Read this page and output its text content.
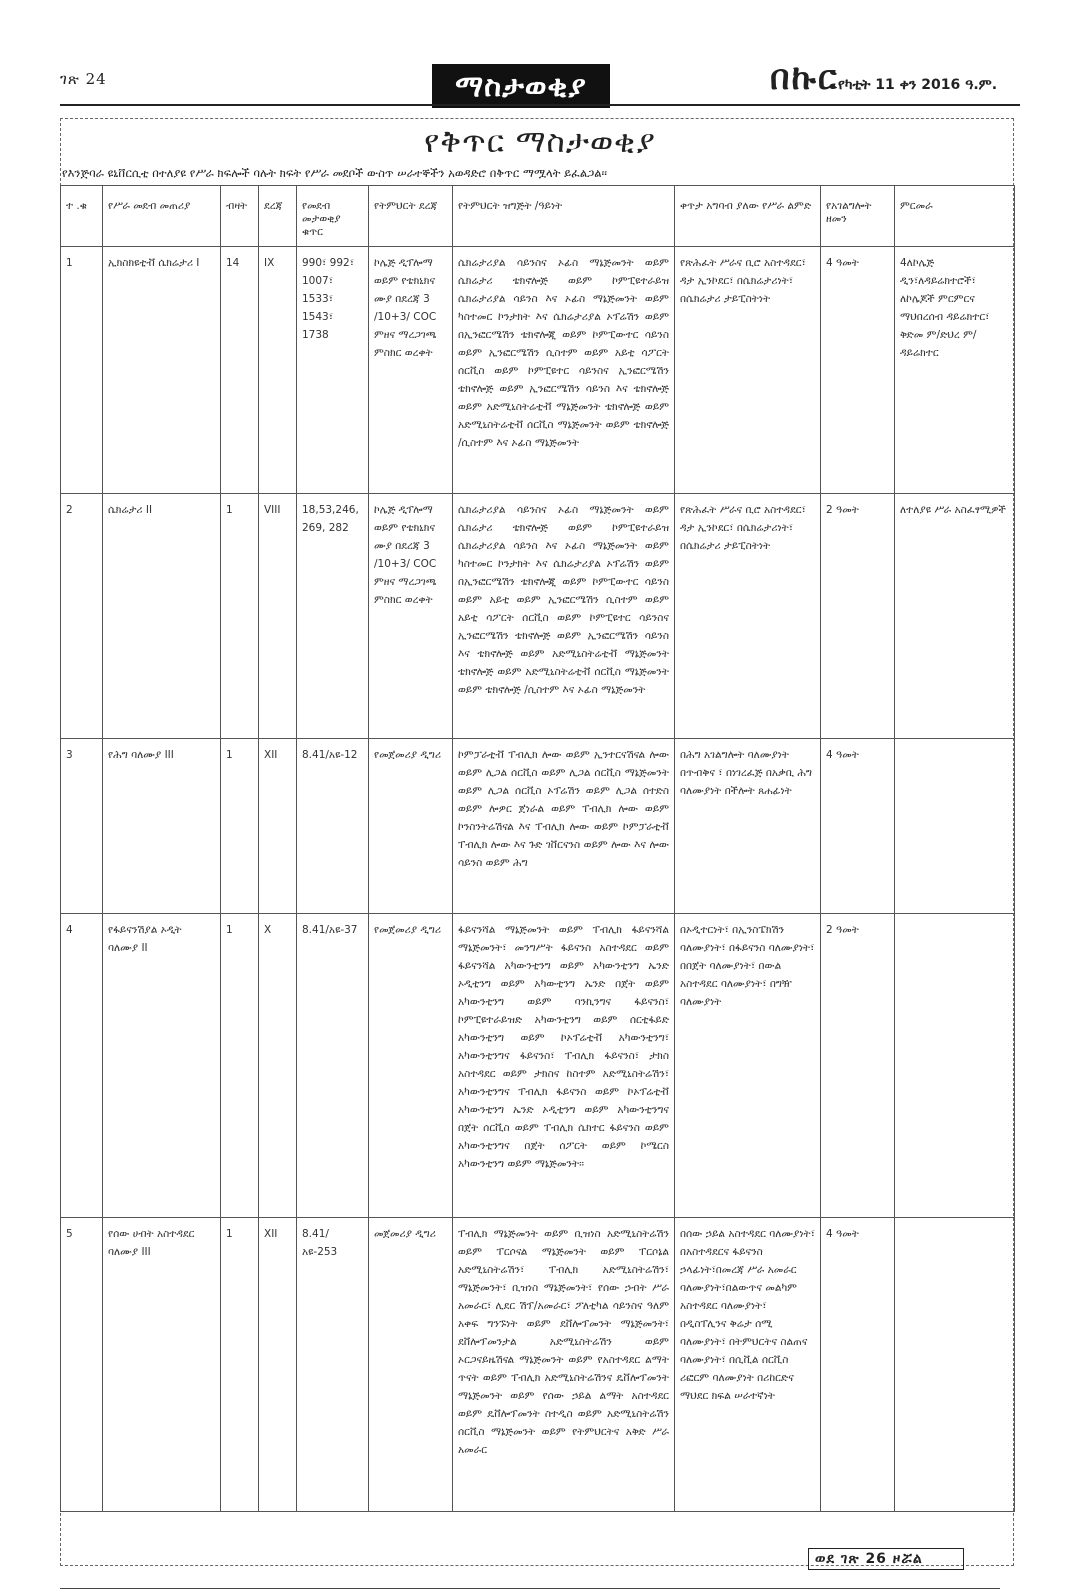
ገጽ 24	ማስታወቂያ	በኩር የካቲት 11 ቀን 2016 ዓ.ም.
የቅጥር ማስታወቂያ
የእንጅባራ ዩኒቨርሲቲ በተለያዩ የሥራ ክፍሎች ባሉት ክፍት የሥራ መደቦች ውስጥ ሠራተኞችን አወዳድሮ በቅጥር ማሟላት ይፈልጋል፡፡
ተ .ቁ	የሥራ መደብ መጠሪያ	ብዛት	ደረጃ	የመደብ መታወቂያ ቁጥር	የትምህርት ደረጃ	የትምህርት ዝግጅት /ዓይነት	ቀጥታ አግባብ ያለው የሥራ ልምድ	የአገልግሎት ዘመን	ምርመራ
1	ኢክስክዩቲቭ ሴክሬታሪ I	14	IX	990፣ 992፣ 1007፣ 1533፣ 1543፣ 1738	ኮሌጅ ዲፕሎማ ወይም የቴክኒክና ሙያ በደረጃ 3 /10+3/ COC ምዘና ማረጋገጫ ምስክር ወረቀት	ሴክሬታሪያል ሳይንስና ኦፊስ ማኔጅመንት ወይም ሴክሬታሪ ቴክኖሎጅ ወይም ኮምፒዩተራይዝ ሴክሬታሪያል ሳይንስ እና ኦፊስ ማኔጅመንት ወይም ካስተመር ኮንታክት እና ሴክሬታሪያል ኦፕሬሽን ወይም በኢንፎርሜሽን ቴክኖሎጂ ወይም ኮምፒውተር ሳይንስ ወይም ኢንፎርሜሽን ሲስተም ወይም አይቲ ሳፖርት ሰርቪስ ወይም ኮምፒዩተር ሳይንስና ኢንፎርሜሽን ቴክኖሎጅ ወይም ኢንፎርሜሽን ሳይንስ እና ቴክኖሎጅ ወይም አድሚኒስትሬቲቭ ማኔጅመንት ቴክኖሎጅ ወይም አድሚኒስትሬቲቭ ሰርቪስ ማኔጅመንት ወይም ቴክኖሎጅ /ሲስተም እና ኦፊስ ማኔጅመንት	የጽሕፈት ሥራና ቢሮ አስተዳደር፣ ዳታ ኢንኮደር፣ በሴክሬታሪነት፣ በሴክሬታሪ ታይፒስትነት	4 ዓመት	4ለኮሌጅ ዲን፣ለዳይሬክተሮች፣ ለኮሌጆች ምርምርና ማህበረሰብ ዳይሬክተር፣ ቅድመ ም/ድህረ ም/ ዳይሬክተር
2	ሴክሬታሪ II	1	VIII	18,53,246, 269, 282	ኮሌጅ ዲፕሎማ ወይም የቴክኒክና ሙያ በደረጃ 3 /10+3/ COC ምዘና ማረጋገጫ ምስክር ወረቀት	ሴክሬታሪያል ሳይንስና ኦፊስ ማኔጅመንት ወይም ሴክሬታሪ ቴክኖሎጅ ወይም ኮምፒዩተራይዝ ሴክሬታሪያል ሳይንስ እና ኦፊስ ማኔጅመንት ወይም ካስተመር ኮንታክት እና ሴክሬታሪያል ኦፕሬሽን ወይም በኢንፎርሜሽን ቴክኖሎጂ ወይም ኮምፒውተር ሳይንስ ወይም አይቲ ወይም ኢንፎርሜሽን ሲስተም ወይም አይቲ ሳፖርት ሰርቪስ ወይም ኮምፒዩተር ሳይንስና ኢንፎርሜሽን ቴክኖሎጅ ወይም ኢንፎርሜሽን ሳይንስ እና ቴክኖሎጅ ወይም አድሚኒስትሬቲቭ ማኔጅመንት ቴክኖሎጅ ወይም አድሚኒስትሬቲቭ ሰርቪስ ማኔጅመንት ወይም ቴክኖሎጅ /ሲስተም እና ኦፊስ ማኔጅመንት	የጽሕፈት ሥራና ቢሮ አስተዳደር፣ ዳታ ኢንኮደር፣ በሴክሬታሪነት፣ በሴክሬታሪ ታይፒስትነት	2 ዓመት	ለተለያዩ ሥራ አስፈፃሚዎች
3	የሕግ ባለሙያ III	1	XII	8.41/አዩ-12	የመጀመሪያ ዲግሪ	ኮምፓራቲቭ ፐብሊክ ሎው ወይም ኢንተርናሽናል ሎው ወይም ሊጋል ሰርቪስ ወይም ሊጋል ሰርቪስ ማኔጅመንት ወይም ሊጋል ሰርቪስ ኦፕሬሽን ወይም ሊጋል ሰተድስ ወይም ሎዎር ጀነራል ወይም ፐብሊክ ሎው ወይም ኮንስንትሬሽናል እና ፐብሊክ ሎው ወይም ኮምፓራቲቭ ፐብሊክ ሎው እና ጉድ ገቨርናንስ ወይም ሎው እና ሎው ሳይንስ ወይም ሕግ	በሕግ አገልግሎት ባለሙያነት በጥብቅና ፣ በነገረፈጅ በአቃቢ ሕግ ባለሙያነት በችሎት ጸሐፊነት	4 ዓመት	
4	የፋይናንሽያል ኦዲት ባለሙያ II	1	X	8.41/አዩ-37	የመጀመሪያ ዲግሪ	ፋይናንሻል ማኔጅመንት ወይም ፐብሊክ ፋይናንሻል ማኔጅመንት፣ መንግሥት ፋይናንስ አስተዳደር ወይም ፋይናንሻል አካውንቲንግ ወይም አካውንቲንግ ኤንድ ኦዲቲንግ ወይም አካውቲንግ ኤንድ በጀት ወይም አካውንቲንግ ወይም ባንኪንግና ፋይናንስ፣ ኮምፒዩተራይዝድ አካውንቲንግ ወይም ሰርቲፋይድ አካውንቲንግ ወይም ኮኦፕሬቲቭ አካውንቲንግ፣ አካውንቲንግና ፋይናንስ፣ ፐብሊክ ፋይናንስ፣ ታክስ አስተዳደር ወይም ታክስና ከስተም አድሚኒስትሬሽን፣ አካውንቲንግና ፐብሊክ ፋይናንስ ወይም ኮኦፕሬቲቭ አካውንቲንግ ኤንድ ኦዲቲንግ ወይም አካውንቲንግና በጀት ሰርቪስ ወይም ፐብሊክ ሴክተር ፋይናንስ ወይም አካውንቲንግና በጀት ሰፖርት ወይም ኮሜርስ አካውንቲንግ ወይም ማኔጅመንት፡፡	በኦዲተርነት፣ በኢንስፔክሽን ባለሙያነት፣ በፋይናንስ ባለሙያነት፣ በበጀት ባለሙያነት፣ በውል አስተዳደር ባለሙያነት፣ በግዥ ባለሙያነት	2 ዓመት	
5	የሰው ሀብት አስተዳደር ባለሙያ III	1	XII	8.41/አዩ-253	መጀመሪያ ዲግሪ	ፐብሊክ ማኔጅመንት ወይም ቢዝነስ አድሚኒስትሬሽን ወይም ፐርሶናል ማኔጅመንት ወይም ፐርሶኔል አድሚኒስትሬሽን፣ ፐብሊክ አድሚኒስትሬሽን፣ ማኔጅመንት፣ ቢዝነስ ማኔጅመንት፣ የሰው ኃብት ሥራ አመራር፣ ሊደር ሽፕ/አመራር፣ ፖለቲካል ሳይንስና ዓለም አቀፍ ግንኙነት ወይም ደቨሎፕመንት ማኔጅመንት፣ ደቨሎፕመንታል አድሚኒስትሬሽን ወይም ኦርጋናይዜሽናል ማኔጅመንት ወይም የአስተዳደር ልማት ጥናት ወይም ፐብሊክ አድሚኒስትሬሽንና ዴቨሎፕመንት ማኔጅመንት ወይም የሰው ኃይል ልማት አስተዳደር ወይም ዴቨሎፕመንት ስተዲስ ወይም አድሚኒስትሬሽን ሰርቪስ ማኔጅመንት ወይም የትምህርትና አቅድ ሥራ አመራር	በሰው ኃይል አስተዳደር ባለሙያነት፣ በአስተዳደርና ፋይናንስ ኃላፊነት፣በመረጃ ሥራ አመራር ባለሙያነት፣በልውጥና መልካም አስተዳደር ባለሙያነት፣ በዲስፐሊንና ቅሬታ ሰሚ ባለሙያነት፣ በትምህርትና ስልጠና ባለሙያነት፣ በሲቪል ሰርቪስ ሪፎርም ባለሙያነት በሪከርድና ማህደር ክፍል ሠራተኛነት	4 ዓመት	
ወደ ገጽ 26 ዞሯል
